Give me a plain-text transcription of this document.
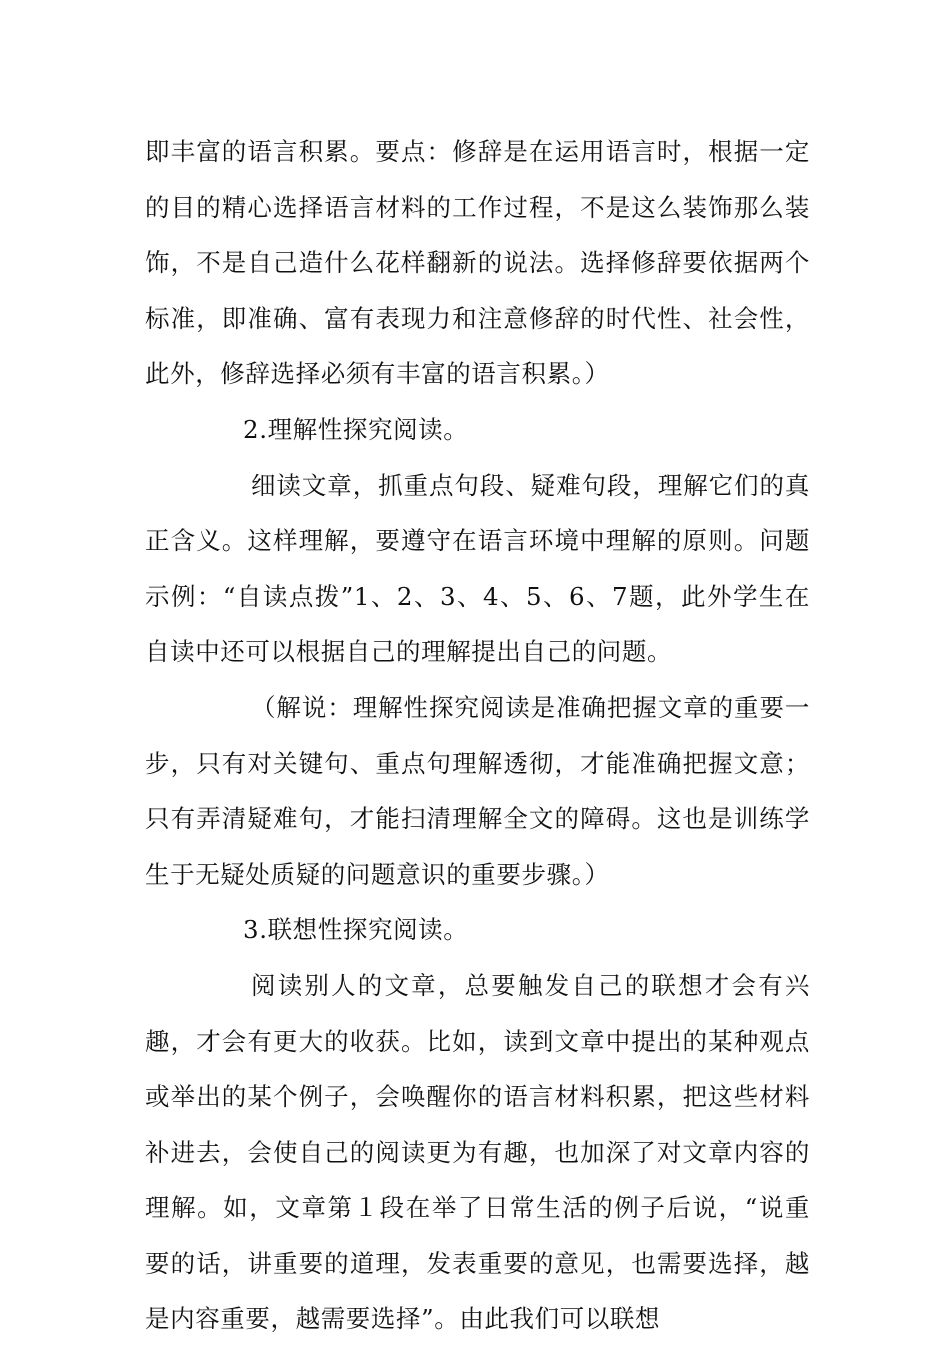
即丰富的语言积累。要点：修辞是在运用语言时，根据一定的目的精心选择语言材料的工作过程，不是这么装饰那么装饰，不是自己造什么花样翻新的说法。选择修辞要依据两个标准，即准确、富有表现力和注意修辞的时代性、社会性，此外，修辞选择必须有丰富的语言积累。）

2.理解性探究阅读。

细读文章，抓重点句段、疑难句段，理解它们的真正含义。这样理解，要遵守在语言环境中理解的原则。问题示例：“自读点拨”1、2、3、4、5、6、7题，此外学生在自读中还可以根据自己的理解提出自己的问题。

（解说：理解性探究阅读是准确把握文章的重要一步，只有对关键句、重点句理解透彻，才能准确把握文意；只有弄清疑难句，才能扫清理解全文的障碍。这也是训练学生于无疑处质疑的问题意识的重要步骤。）

3.联想性探究阅读。

阅读别人的文章，总要触发自己的联想才会有兴趣，才会有更大的收获。比如，读到文章中提出的某种观点或举出的某个例子，会唤醒你的语言材料积累，把这些材料补进去，会使自己的阅读更为有趣，也加深了对文章内容的理解。如，文章第１段在举了日常生活的例子后说，“说重要的话，讲重要的道理，发表重要的意见，也需要选择，越是内容重要，越需要选择”。由此我们可以联想
